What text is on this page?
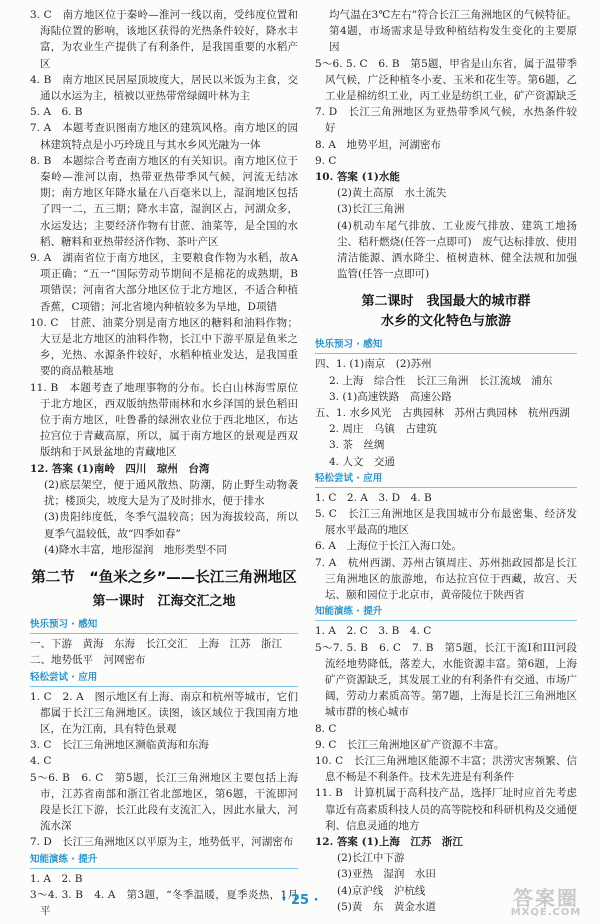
3. C　南方地区位于秦岭—淮河一线以南，受纬度位置和海陆位置的影响，该地区获得的光热条件较好，降水丰富，为农业生产提供了有利条件，是我国重要的水稻产区

4. B　南方地区民居屋顶坡度大，居民以米饭为主食，交通以水运为主，植被以亚热带常绿阔叶林为主

5. A　6. B

7. A　本题考查识图南方地区的建筑风格。南方地区的园林建筑特点是小巧玲珑且与其水乡风光融为一体

8. B　本题综合考查南方地区的有关知识。南方地区位于秦岭—淮河以南，热带亚热带季风气候，河流无结冰期；南方地区年降水量在八百毫米以上，湿润地区包括了四一二，五三期；降水丰富，湿润区占，河湖众多，水运发达；主要经济作物有甘蔗、油菜等，是全国的水稻、糖料和亚热带经济作物、茶叶产区

9. A　湖南省位于南方地区，主要粮食作物为水稻，故A项正确；“五一”国际劳动节期间不是棉花的成熟期，B项错误；河南省大部分地区位于北方地区，不适合种植香蕉，C项错；河北省境内种植较多为旱地，D项错

10. C　甘蔗、油菜分别是南方地区的糖料和油料作物；大豆是北方地区的油料作物，长江中下游平原是鱼米之乡，光热、水源条件较好，水稻种植业发达，是我国重要的商品粮基地

11. B　本题考查了地理事物的分布。长白山林海雪原位于北方地区，西双版纳热带雨林和水乡泽国的景色稻田位于南方地区，吐鲁番的绿洲农业位于西北地区，布达拉宫位于青藏高原，所以，属于南方地区的景观是西双版纳和于风景盆地的青藏地区

12. 答案 (1)南岭　四川　琼州　台湾

(2)底层架空，便于通风散热、防潮，防止野生动物袭扰；楼顶尖，坡度大是为了及时排水，便于排水

(3)贵阳纬度低，冬季气温较高；因为海拔较高，所以夏季气温较低，故“四季如春”

(4)降水丰富，地形湿润　地形类型不同

第二节　“鱼米之乡”——长江三角洲地区
第一课时　江海交汇之地
快乐预习 · 感知

一、下游　黄海　东海　长江交汇　上海　江苏　浙江

二、地势低平　河网密布

轻松尝试 · 应用

1. C　2. A　图示地区有上海、南京和杭州等城市，它们都属于长江三角洲地区。读图，该区域位于我国南方地区，在为江南，具有特色景观

3. C　长江三角洲地区濒临黄海和东海

4. C

5～6. B　6. C　第5题，长江三角洲地区主要包括上海市，江苏省南部和浙江省北部地区，第6题，干流即河段是长江下游，长江此段有支流汇入，因此水量大，河流水深

7. D　长江三角洲地区以平原为主，地势低平，河湖密布

知能演练 · 提升

1. A　2. B

3～4. 3. B　4. A　第3题，“冬季温暖，夏季炎热，1月平

均气温在3℃左右”符合长江三角洲地区的气候特征。第4题，市场需求是导致种植结构发生变化的主要原因

5～6. 5. C　6. B　第5题，甲省是山东省，属于温带季风气候，广泛种植冬小麦、玉米和花生等。第6题，乙工业是棉纺织工业，丙工业是纺织工业，矿产资源缺乏

7. D　长江三角洲地区为亚热带季风气候，水热条件较好

8. A　地势平坦，河湖密布

9. C

10. 答案 (1)水能

(2)黄土高原　水土流失

(3)长江三角洲

(4)机动车尾气排放、工业废气排放、建筑工地扬尘、秸秆燃烧(任答一点即可)　废气达标排放、使用清洁能源、洒水降尘、植树造林、健全法规和加强监管(任答一点即可)

第二课时　我国最大的城市群
水乡的文化特色与旅游
快乐预习 · 感知

四、1. (1)南京　(2)苏州

2. 上海　综合性　长江三角洲　长江流域　浦东

3. (1)高速铁路　高速公路

五、1. 水乡风光　古典园林　苏州古典园林　杭州西湖

2. 周庄　乌镇　古建筑

3. 茶　丝绸

4. 人文　交通

轻松尝试 · 应用

1. C　2. A　3. D　4. B

5. C　长江三角洲地区是我国城市分布最密集、经济发展水平最高的地区

6. A　上海位于长江入海口处。

7. A　杭州西湖、苏州古镇周庄、苏州拙政园都是长江三角洲地区的旅游地，布达拉宫位于西藏，故宫、天坛、颐和园位于北京市，黄帝陵位于陕西省

知能演练 · 提升

1. A　2. C　3. B　4. C

5～7. 5. B　6. C　7. B　第5题，长江干流I和III河段流经地势降低，落差大，水能资源丰富。第6题，上海矿产资源缺乏，其发展工业的有利条件有交通、市场广阔，劳动力素质高等。第7题，上海是长江三角洲地区城市群的核心城市

8. C

9. C　长江三角洲地区矿产资源不丰富。

10. C　长江三角洲地区能源不丰富；洪涝灾害频繁、信息不畅是不利条件。技术先进是有利条件

11. B　计算机属于高科技产品，选择厂址时应首先考虑靠近有高素质科技人员的高等院校和科研机构及交通便利、信息灵通的地方

12. 答案 (1)上海　江苏　浙江

(2)长江中下游

(3)亚热　湿润　水田

(4)京沪线　沪杭线

(5)黄　东　黄金水道

· 25 ·	答案圈
MXQE.COM
